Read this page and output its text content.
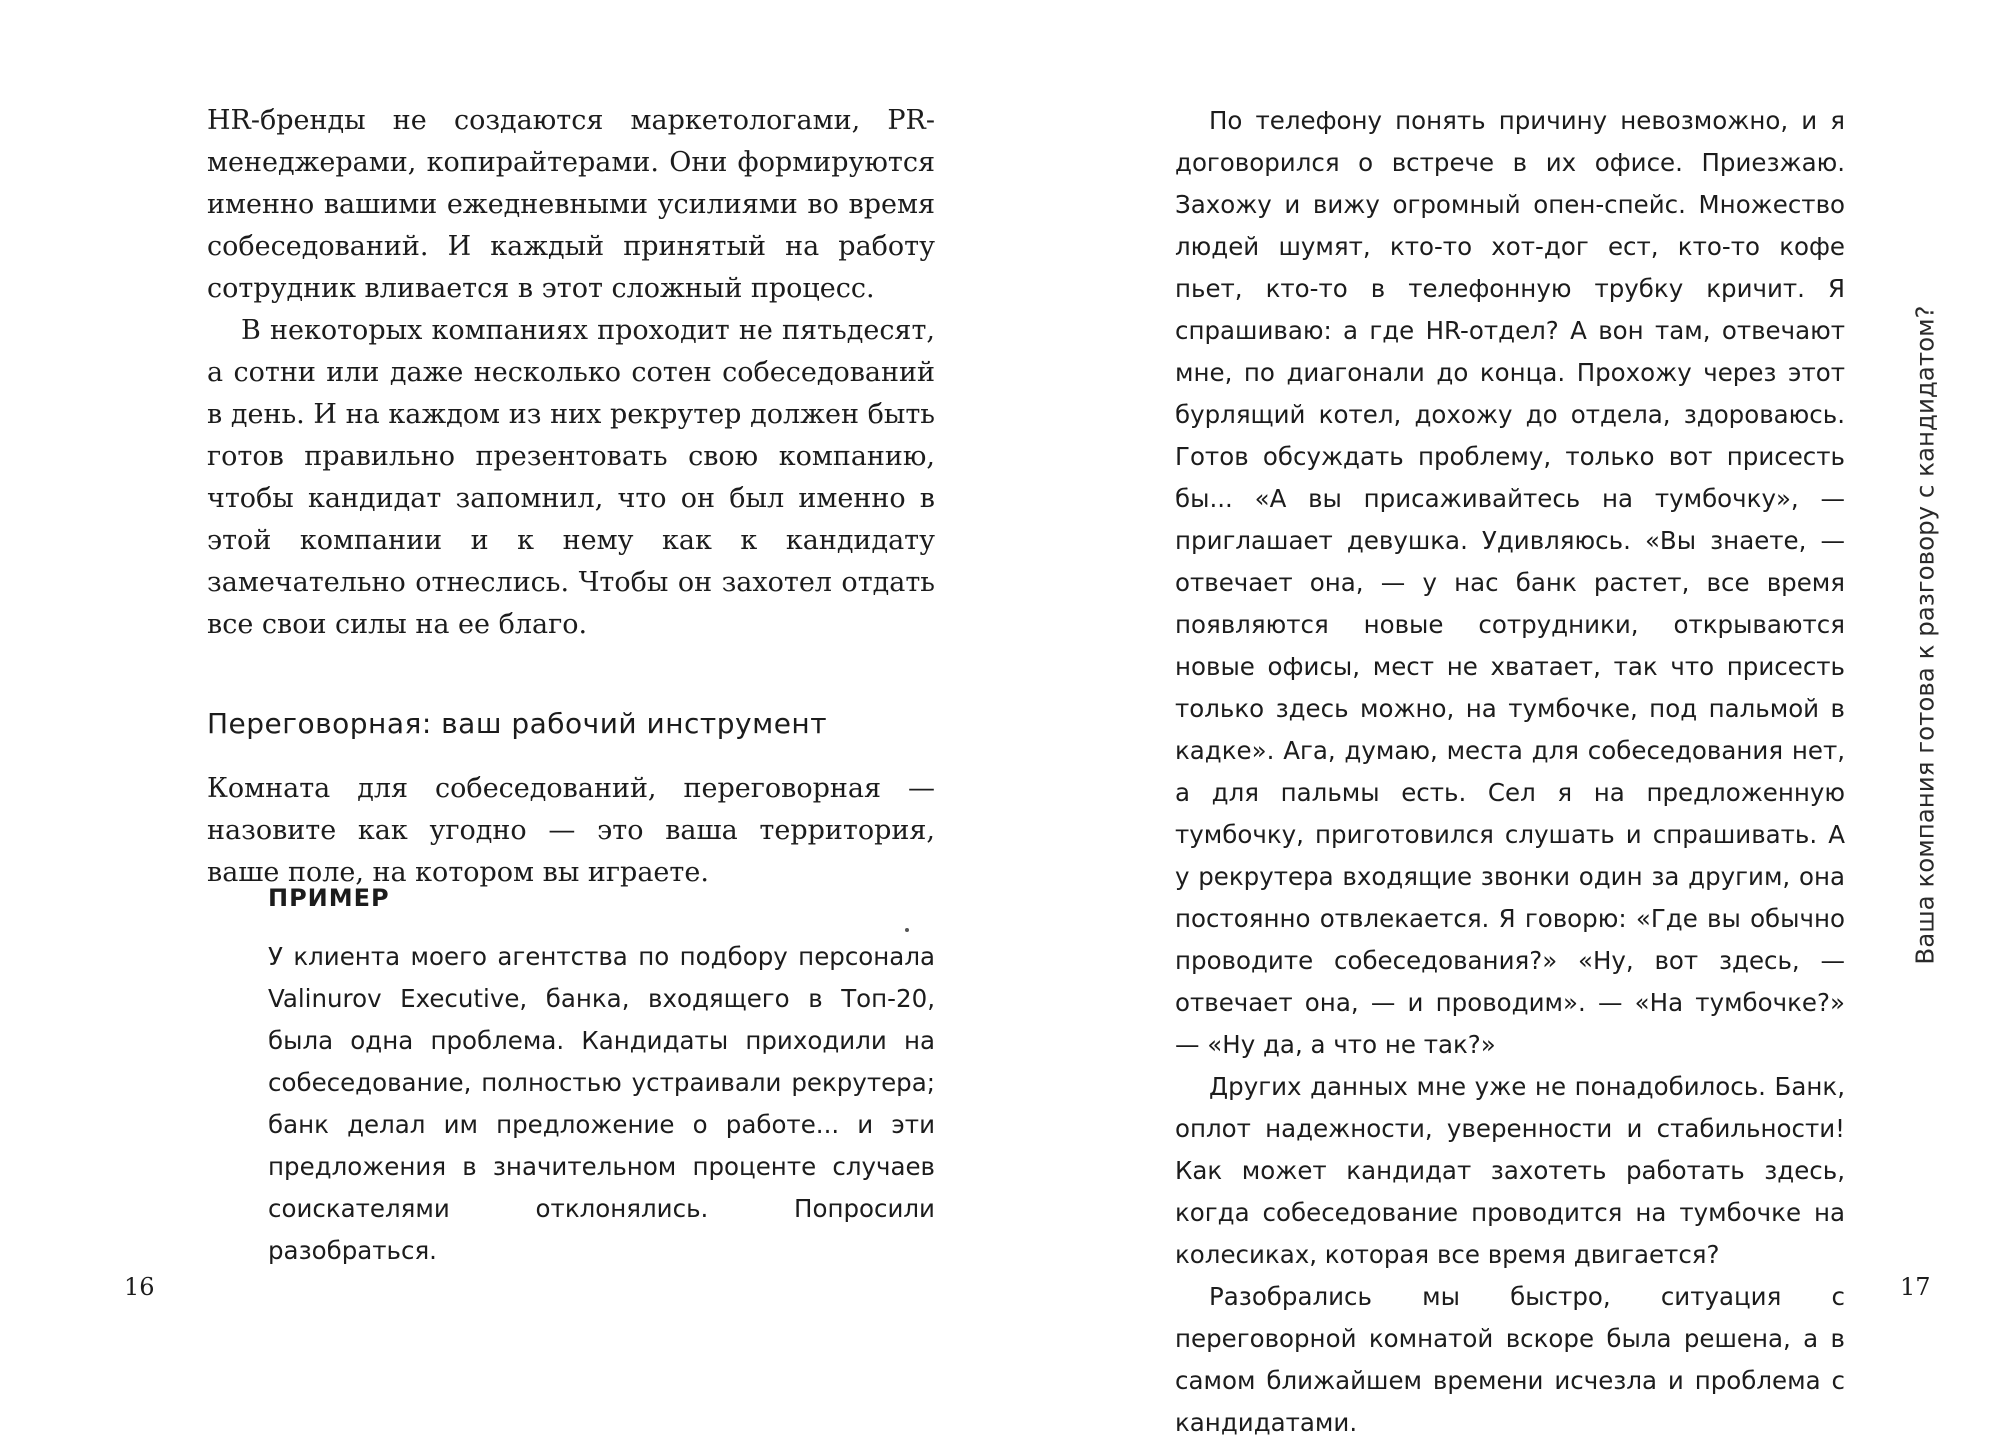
HR-бренды не создаются маркетологами, PR-менеджерами, копирайтерами. Они формируются именно вашими ежедневными усилиями во время собеседований. И каждый принятый на работу сотрудник вливается в этот сложный процесс.

В некоторых компаниях проходит не пятьдесят, а сотни или даже несколько сотен собеседований в день. И на каждом из них рекрутер должен быть готов правильно презентовать свою компанию, чтобы кандидат запомнил, что он был именно в этой компании и к нему как к кандидату замечательно отнеслись. Чтобы он захотел отдать все свои силы на ее благо.

Переговорная: ваш рабочий инструмент

Комната для собеседований, переговорная — назовите как угодно — это ваша территория, ваше поле, на котором вы играете.

ПРИМЕР

У клиента моего агентства по подбору персонала Valinurov Executive, банка, входящего в Топ-20, была одна проблема. Кандидаты приходили на собеседование, полностью устраивали рекрутера; банк делал им предложение о работе... и эти предложения в значительном проценте случаев соискателями отклонялись. Попросили разобраться.

16

По телефону понять причину невозможно, и я договорился о встрече в их офисе. Приезжаю. Захожу и вижу огромный опен-спейс. Множество людей шумят, кто-то хот-дог ест, кто-то кофе пьет, кто-то в телефонную трубку кричит. Я спрашиваю: а где HR-отдел? А вон там, отвечают мне, по диагонали до конца. Прохожу через этот бурлящий котел, дохожу до отдела, здороваюсь. Готов обсуждать проблему, только вот присесть бы... «А вы присаживайтесь на тумбочку», — приглашает девушка. Удивляюсь. «Вы знаете, — отвечает она, — у нас банк растет, все время появляются новые сотрудники, открываются новые офисы, мест не хватает, так что присесть только здесь можно, на тумбочке, под пальмой в кадке». Ага, думаю, места для собеседования нет, а для пальмы есть. Сел я на предложенную тумбочку, приготовился слушать и спрашивать. А у рекрутера входящие звонки один за другим, она постоянно отвлекается. Я говорю: «Где вы обычно проводите собеседования?» «Ну, вот здесь, — отвечает она, — и проводим». — «На тумбочке?» — «Ну да, а что не так?»

Других данных мне уже не понадобилось. Банк, оплот надежности, уверенности и стабильности! Как может кандидат захотеть работать здесь, когда собеседование проводится на тумбочке на колесиках, которая все время двигается?

Разобрались мы быстро, ситуация с переговорной комнатой вскоре была решена, а в самом ближайшем времени исчезла и проблема с кандидатами.

Ваша компания готова к разговору с кандидатом?
17
